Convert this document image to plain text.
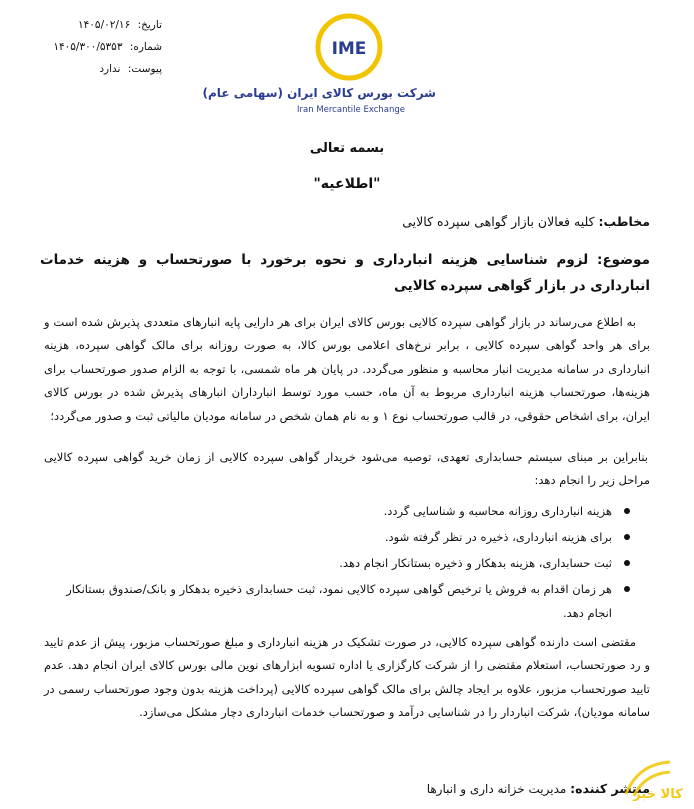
تاریخ: ۱۴۰۵/۰۲/۱۶
شماره: ۱۴۰۵/۳۰۰/۵۳۵۳
پیوست: ندارد
IME
شرکت بورس کالای ایران (سهامی عام)
Iran Mercantile Exchange
بسمه تعالی
"اطلاعیه"
مخاطب: کلیه فعالان بازار گواهی سپرده کالایی
موضوع: لزوم شناسایی هزینه انبارداری و نحوه برخورد با صورتحساب و هزینه خدمات انبارداری در بازار گواهی سپرده کالایی
به اطلاع می‌رساند در بازار گواهی سپرده کالایی بورس کالای ایران برای هر دارایی پایه انبارهای متعددی پذیرش شده است و برای هر واحد گواهی سپرده کالایی ، برابر نرخ‌های اعلامی بورس کالا، به صورت روزانه برای مالک گواهی سپرده، هزینه انبارداری در سامانه مدیریت انبار محاسبه و منظور می‌گردد. در پایان هر ماه شمسی، با توجه به الزام صدور صورتحساب برای هزینه‌ها، صورتحساب هزینه انبارداری مربوط به آن ماه، حسب مورد توسط انبارداران انبارهای پذیرش شده در بورس کالای ایران، برای اشخاص حقوقی، در قالب صورتحساب نوع ۱ و به نام همان شخص در سامانه مودیان مالیاتی ثبت و صدور می‌گردد؛
بنابراین بر مبنای سیستم حسابداری تعهدی، توصیه می‌شود خریدار گواهی سپرده کالایی از زمان خرید گواهی سپرده کالایی مراحل زیر را انجام دهد:
هزینه انبارداری روزانه محاسبه و شناسایی گردد.
برای هزینه انبارداری، ذخیره در نظر گرفته شود.
ثبت حسابداری، هزینه بدهکار و ذخیره بستانکار انجام دهد.
هر زمان اقدام به فروش یا ترخیص گواهی سپرده کالایی نمود، ثبت حسابداری ذخیره بدهکار و بانک/صندوق بستانکار انجام دهد.
مقتضی است دارنده گواهی سپرده کالایی، در صورت تشکیک در هزینه انبارداری و مبلغ صورتحساب مزبور، پیش از عدم تایید و رد صورتحساب، استعلام مقتضی را از شرکت کارگزاری یا اداره تسویه ابزارهای نوین مالی بورس کالای ایران انجام دهد. عدم تایید صورتحساب مزبور، علاوه بر ایجاد چالش برای مالک گواهی سپرده کالایی (پرداخت هزینه بدون وجود صورتحساب رسمی در سامانه مودیان)، شرکت انباردار را در شناسایی درآمد و صورتحساب خدمات انبارداری دچار مشکل می‌سازد.
منتشر کننده: مدیریت خزانه داری و انبارها	کالا خبر
